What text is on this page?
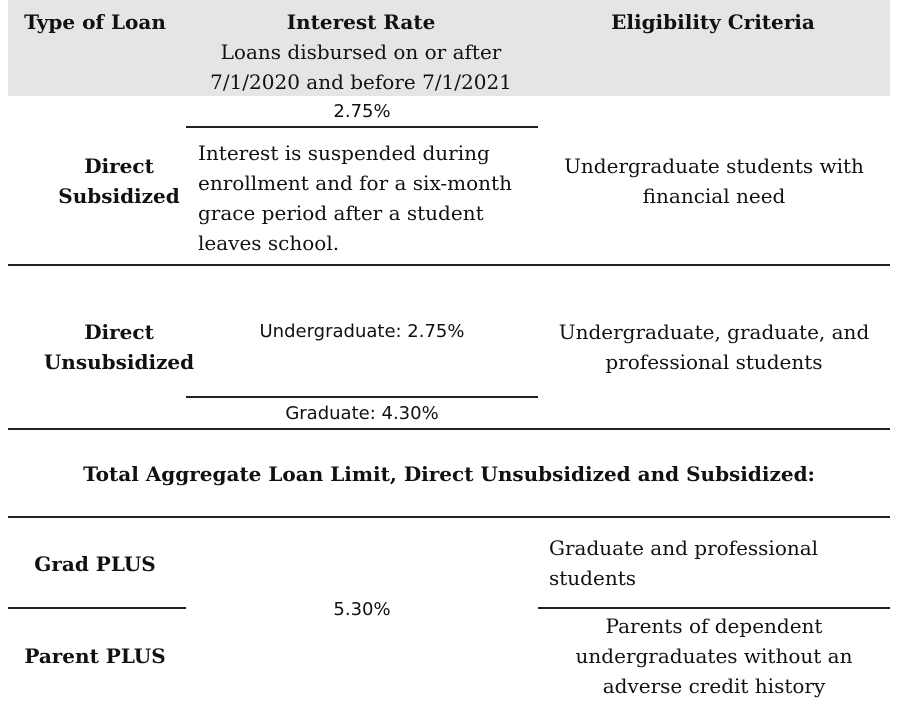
Type of Loan	Interest Rate
Loans disbursed on or after
7/1/2020 and before 7/1/2021
Eligibility Criteria
2.75%
Direct
Subsidized
Interest is suspended during
enrollment and for a six-month
grace period after a student
leaves school.
Undergraduate students with
financial need
Direct
Unsubsidized
Undergraduate: 2.75%
Graduate: 4.30%
Undergraduate, graduate, and
professional students
Total Aggregate Loan Limit, Direct Unsubsidized and Subsidized:
Grad PLUS
Parent PLUS
5.30%
Graduate and professional
students
Parents of dependent
undergraduates without an
adverse credit history
